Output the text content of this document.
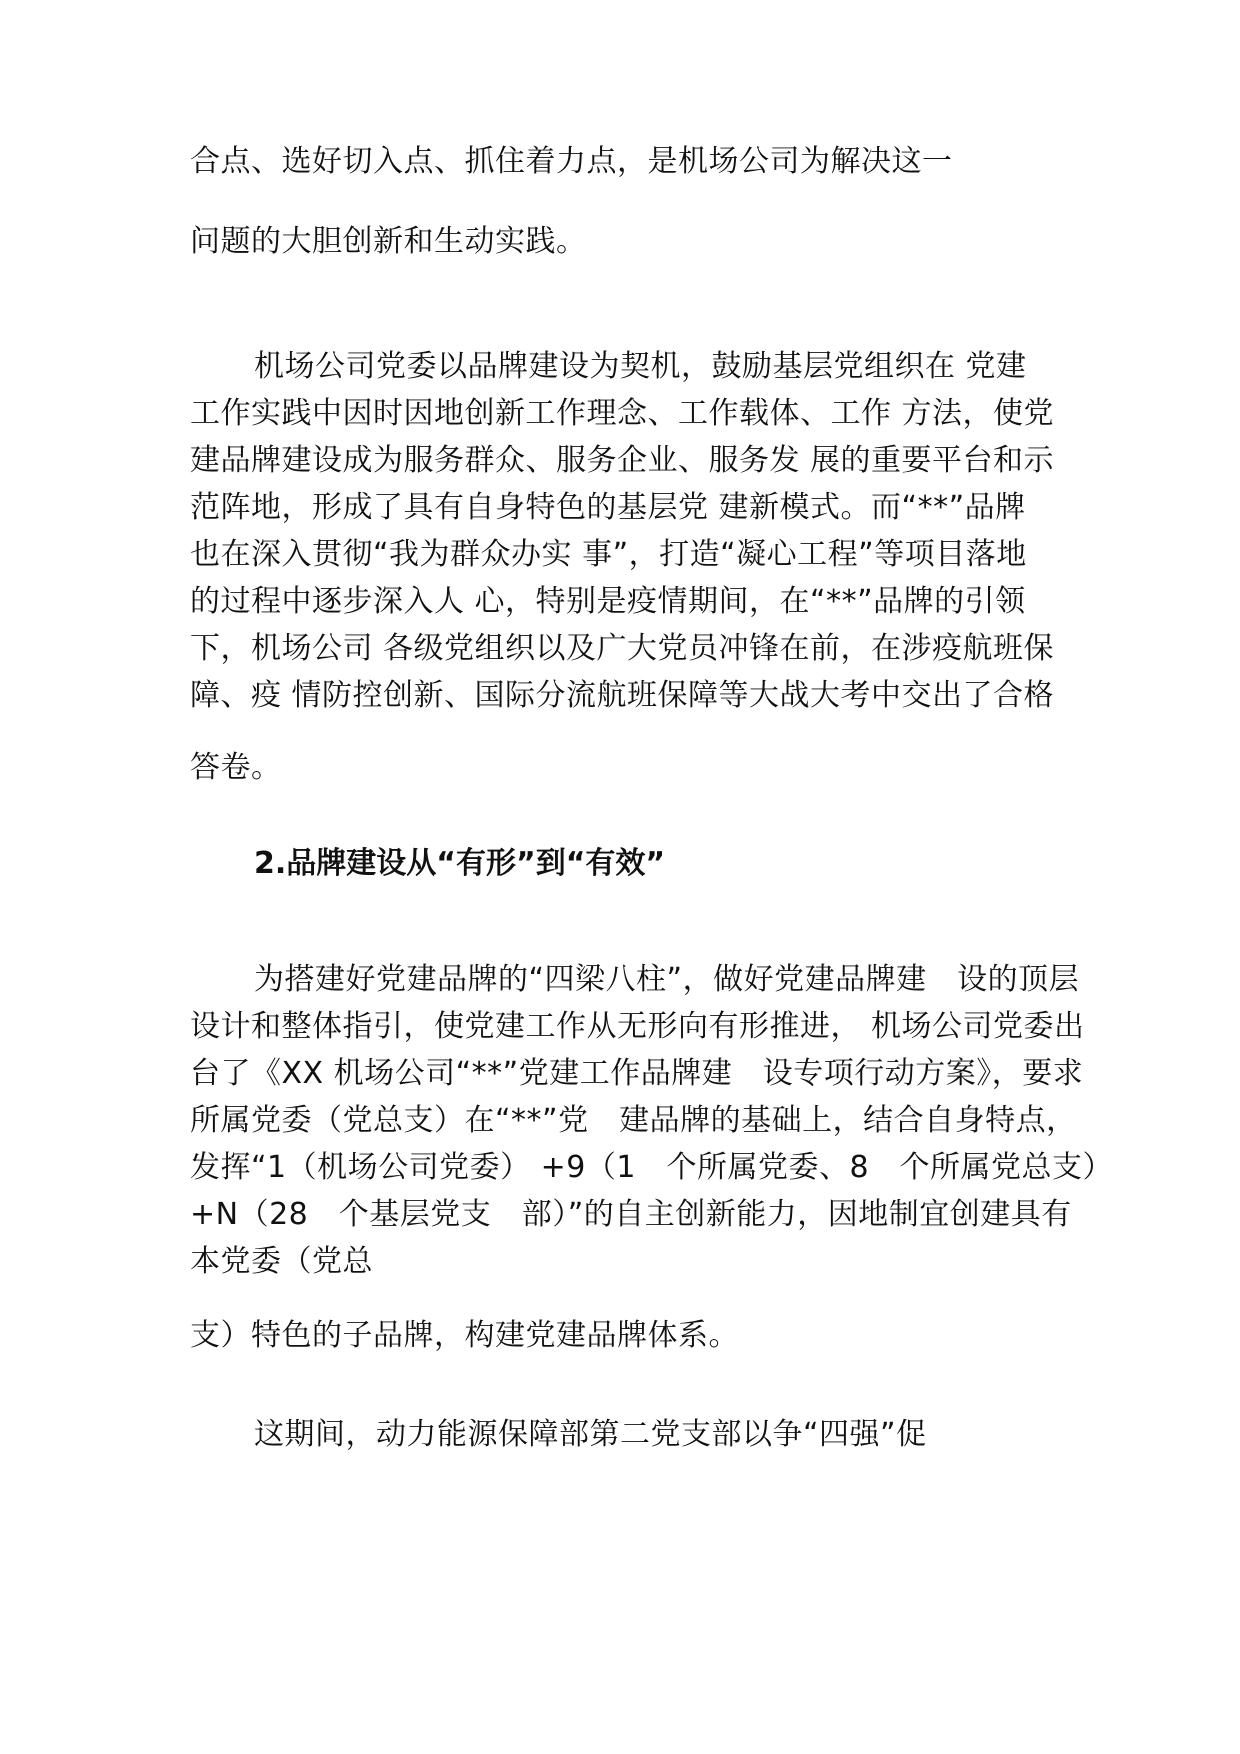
合点、选好切入点、抓住着力点，是机场公司为解决这一
问题的大胆创新和生动实践。
机场公司党委以品牌建设为契机，鼓励基层党组织在 党建
工作实践中因时因地创新工作理念、工作载体、工作 方法，使党
建品牌建设成为服务群众、服务企业、服务发 展的重要平台和示
范阵地，形成了具有自身特色的基层党 建新模式。而“**”品牌
也在深入贯彻“我为群众办实 事”，打造“凝心工程”等项目落地
的过程中逐步深入人 心，特别是疫情期间，在“**”品牌的引领
下，机场公司 各级党组织以及广大党员冲锋在前，在涉疫航班保
障、疫 情防控创新、国际分流航班保障等大战大考中交出了合格
答卷。
2.品牌建设从“有形”到“有效”
为搭建好党建品牌的“四梁八柱”，做好党建品牌建　设的顶层
设计和整体指引，使党建工作从无形向有形推进， 机场公司党委出
台了《XX 机场公司“**”党建工作品牌建　设专项行动方案》，要求
所属党委（党总支）在“**”党　建品牌的基础上，结合自身特点，
发挥“1（机场公司党委） +9（1　个所属党委、8　个所属党总支）
+N（28　个基层党支　部）”的自主创新能力，因地制宜创建具有
本党委（党总
支）特色的子品牌，构建党建品牌体系。
这期间，动力能源保障部第二党支部以争“四强”促
